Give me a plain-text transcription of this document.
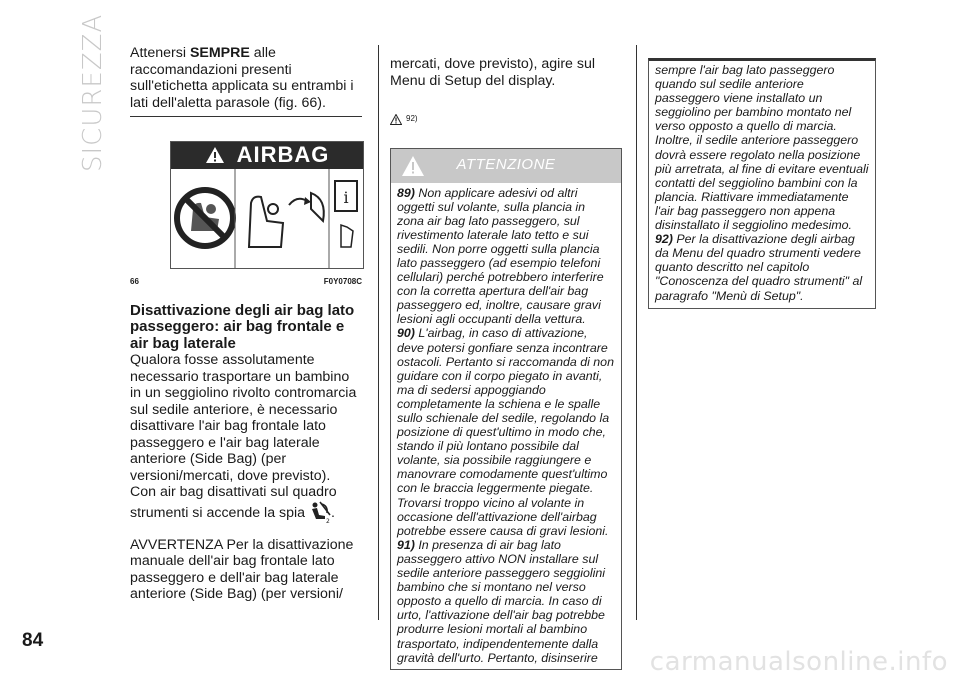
SICUREZZA Attenersi SEMPRE alle raccomandazioni presenti sull'etichetta applicata su entrambi i lati dell'aletta parasole (fig. 66).

AIRBAG
i
66	F0Y0708C
Disattivazione degli air bag lato passeggero: air bag frontale e air bag laterale

Qualora fosse assolutamente necessario trasportare un bambino in un seggiolino rivolto contromarcia sul sedile anteriore, è necessario disattivare l'air bag frontale lato passeggero e l'air bag laterale anteriore (Side Bag) (per versioni/mercati, dove previsto).

Con air bag disattivati sul quadro strumenti si accende la spia
2
.

AVVERTENZA Per la disattivazione manuale dell'air bag frontale lato passeggero e dell'air bag laterale anteriore (Side Bag) (per versioni/

mercati, dove previsto), agire sul Menu di Setup del display.

92)
ATTENZIONE

89) Non applicare adesivi od altri oggetti sul volante, sulla plancia in zona air bag lato passeggero, sul rivestimento laterale lato tetto e sui sedili. Non porre oggetti sulla plancia lato passeggero (ad esempio telefoni cellulari) perché potrebbero interferire con la corretta apertura dell'air bag passeggero ed, inoltre, causare gravi lesioni agli occupanti della vettura.

90) L'airbag, in caso di attivazione, deve potersi gonfiare senza incontrare ostacoli. Pertanto si raccomanda di non guidare con il corpo piegato in avanti, ma di sedersi appoggiando completamente la schiena e le spalle sullo schienale del sedile, regolando la posizione di quest'ultimo in modo che, stando il più lontano possibile dal volante, sia possibile raggiungere e manovrare comodamente quest'ultimo con le braccia leggermente piegate. Trovarsi troppo vicino al volante in occasione dell'attivazione dell'airbag potrebbe essere causa di gravi lesioni.

91) In presenza di air bag lato passeggero attivo NON installare sul sedile anteriore passeggero seggiolini bambino che si montano nel verso opposto a quello di marcia. In caso di urto, l'attivazione dell'air bag potrebbe produrre lesioni mortali al bambino trasportato, indipendentemente dalla gravità dell'urto. Pertanto, disinserire

sempre l'air bag lato passeggero quando sul sedile anteriore passeggero viene installato un seggiolino per bambino montato nel verso opposto a quello di marcia. Inoltre, il sedile anteriore passeggero dovrà essere regolato nella posizione più arretrata, al fine di evitare eventuali contatti del seggiolino bambini con la plancia. Riattivare immediatamente l'air bag passeggero non appena disinstallato il seggiolino medesimo.

92) Per la disattivazione degli airbag da Menu del quadro strumenti vedere quanto descritto nel capitolo "Conoscenza del quadro strumenti" al paragrafo "Menù di Setup".

84
carmanualsonline.info
